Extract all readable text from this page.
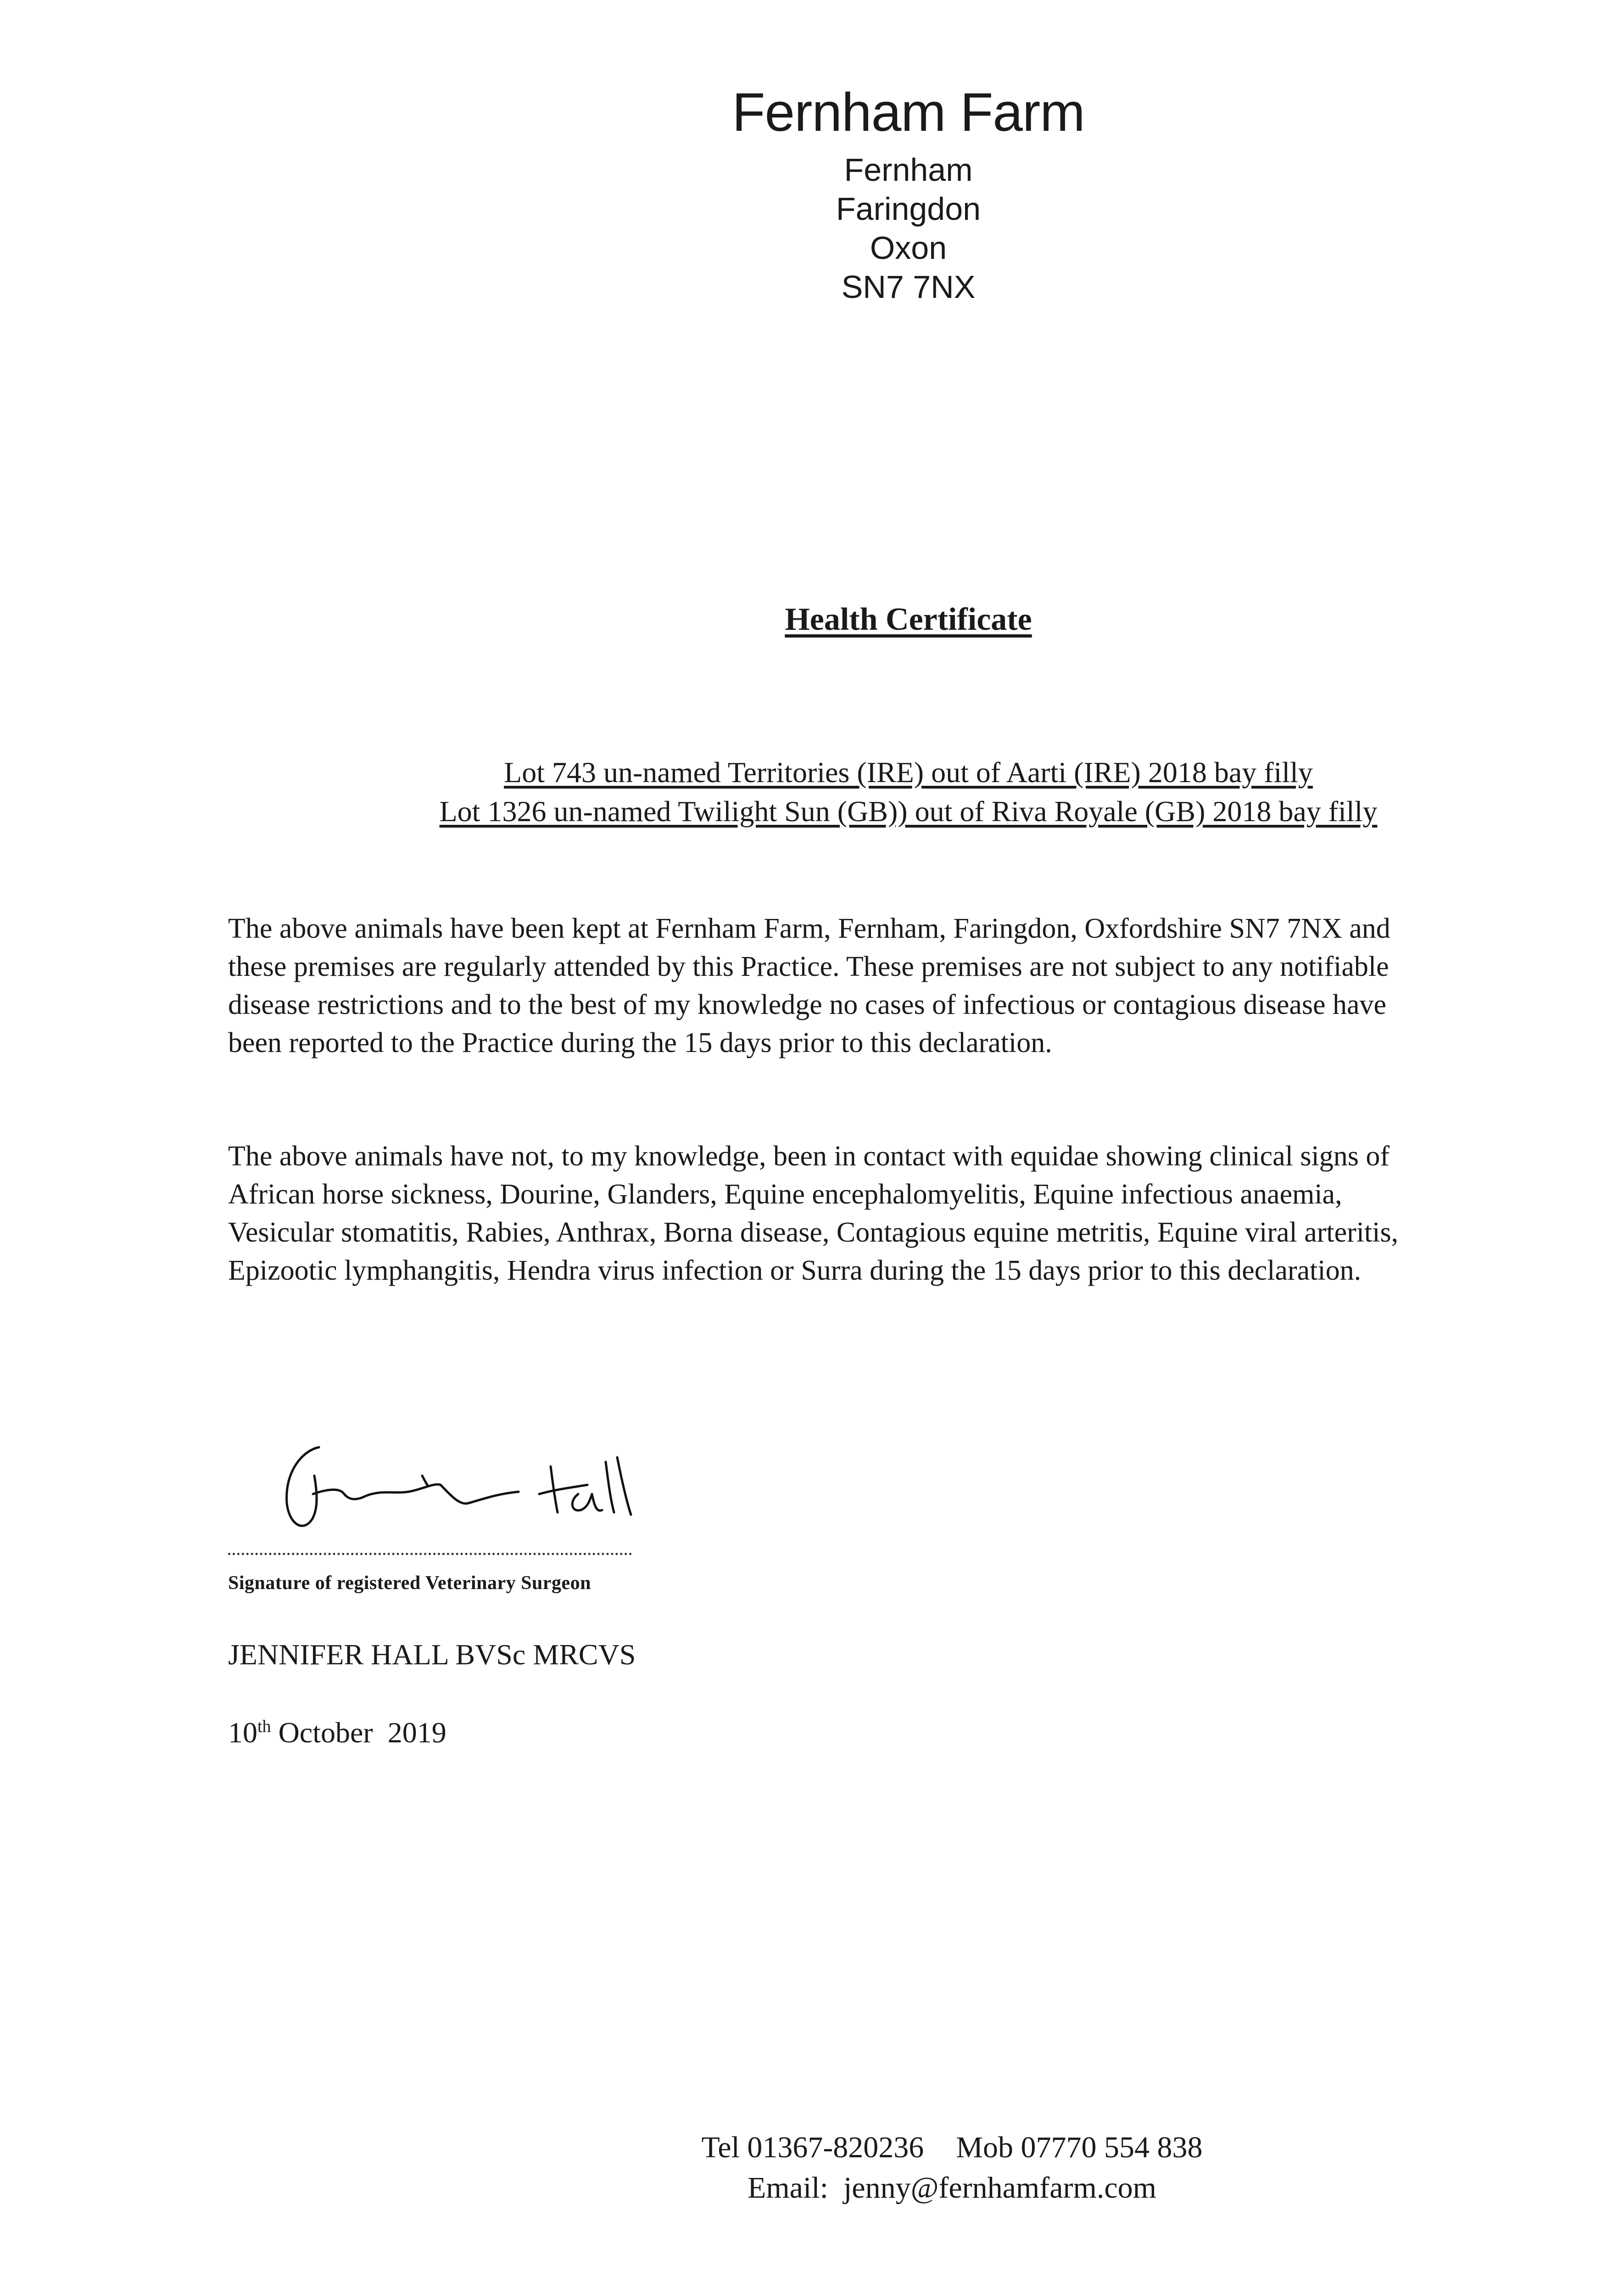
Fernham Farm
Fernham
Faringdon
Oxon
SN7 7NX
Health Certificate
Lot 743 un-named Territories (IRE) out of Aarti (IRE) 2018 bay filly
Lot 1326 un-named Twilight Sun (GB)) out of Riva Royale (GB) 2018 bay filly

The above animals have been kept at Fernham Farm, Fernham, Faringdon, Oxfordshire SN7 7NX and these premises are regularly attended by this Practice. These premises are not subject to any notifiable disease restrictions and to the best of my knowledge no cases of infectious or contagious disease have been reported to the Practice during the 15 days prior to this declaration.

The above animals have not, to my knowledge, been in contact with equidae showing clinical signs of African horse sickness, Dourine, Glanders, Equine encephalomyelitis, Equine infectious anaemia, Vesicular stomatitis, Rabies, Anthrax, Borna disease, Contagious equine metritis, Equine viral arteritis, Epizootic lymphangitis, Hendra virus infection or Surra during the 15 days prior to this declaration.

Signature of registered Veterinary Surgeon
JENNIFER HALL BVSc MRCVS
10th October  2019
Tel 01367-820236 Mob 07770 554 838
Email:  jenny@fernhamfarm.com
